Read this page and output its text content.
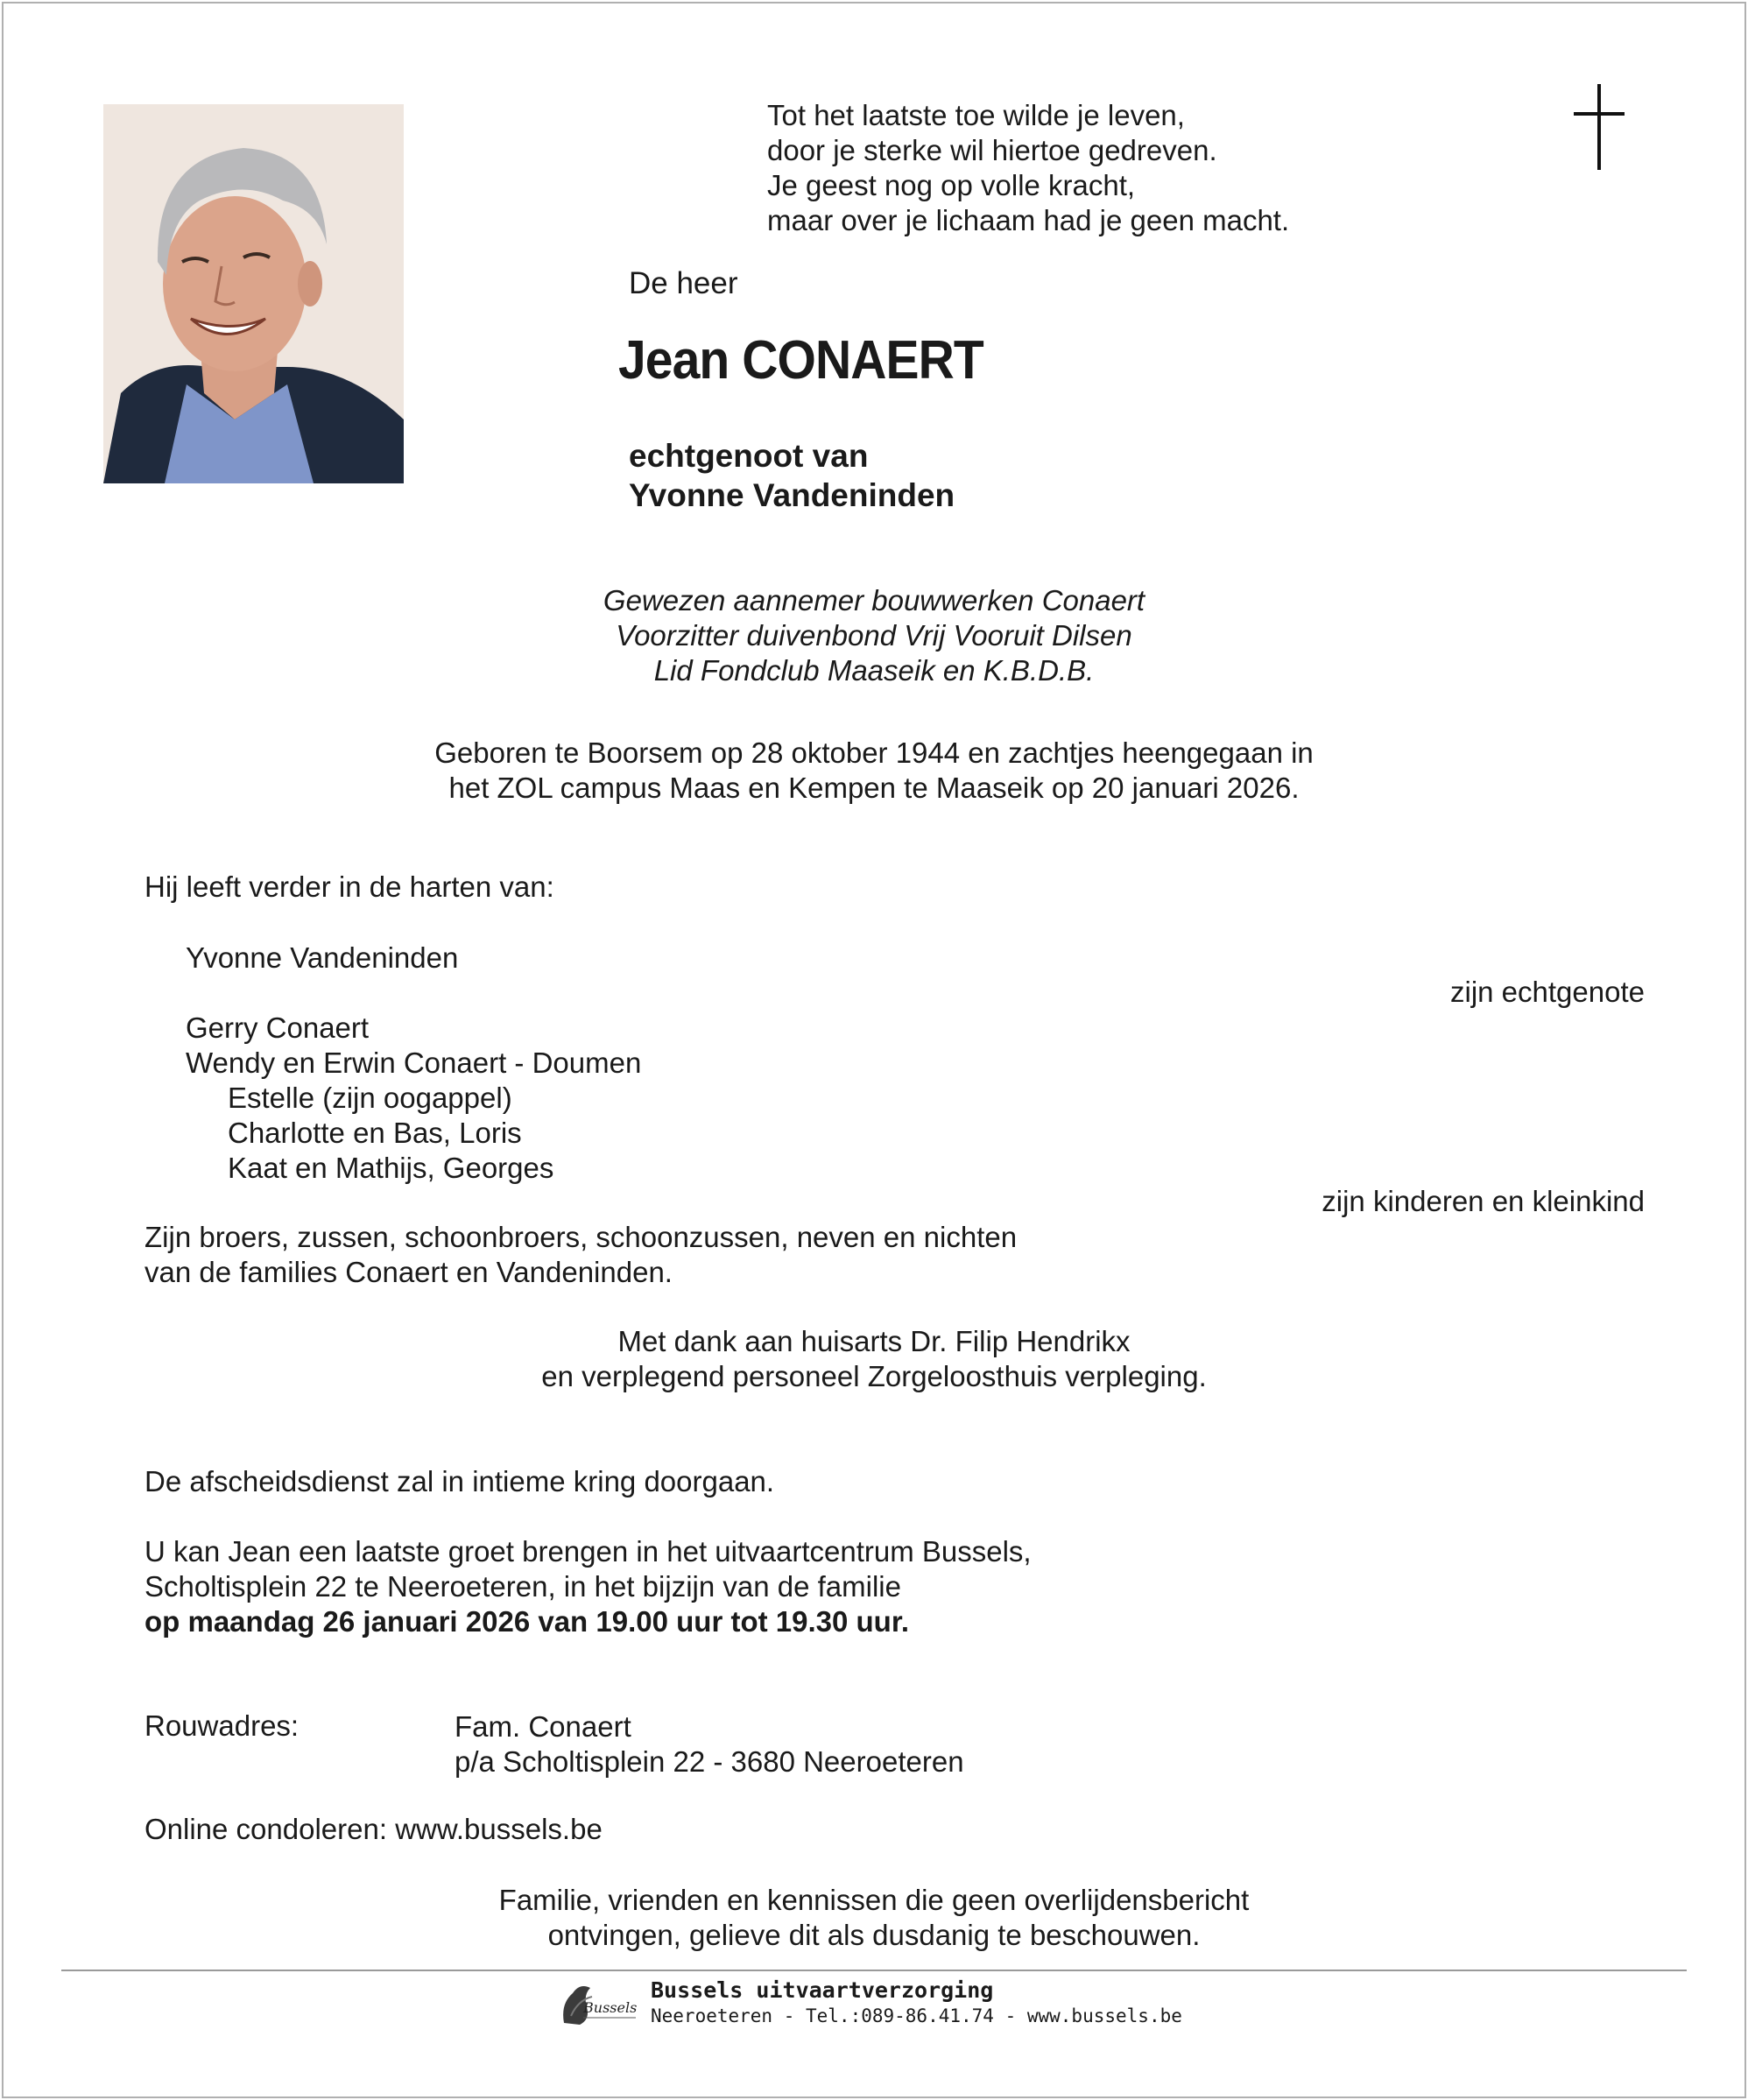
Tot het laatste toe wilde je leven,
door je sterke wil hiertoe gedreven.
Je geest nog op volle kracht,
maar over je lichaam had je geen macht.
De heer
Jean CONAERT
echtgenoot van
Yvonne Vandeninden
Gewezen aannemer bouwwerken Conaert
Voorzitter duivenbond Vrij Vooruit Dilsen
Lid Fondclub Maaseik en K.B.D.B.
Geboren te Boorsem op 28 oktober 1944 en zachtjes heengegaan in
het ZOL campus Maas en Kempen te Maaseik op 20 januari 2026.
Hij leeft verder in de harten van:
Yvonne Vandeninden
zijn echtgenote
Gerry Conaert
Wendy en Erwin Conaert - Doumen
Estelle (zijn oogappel)
Charlotte en Bas, Loris
Kaat en Mathijs, Georges
zijn kinderen en kleinkind
Zijn broers, zussen, schoonbroers, schoonzussen, neven en nichten
van de families Conaert en Vandeninden.
Met dank aan huisarts Dr. Filip Hendrikx
en verplegend personeel Zorgeloosthuis verpleging.
De afscheidsdienst zal in intieme kring doorgaan.
U kan Jean een laatste groet brengen in het uitvaartcentrum Bussels,
Scholtisplein 22 te Neeroeteren, in het bijzijn van de familie
op maandag 26 januari 2026 van 19.00 uur tot 19.30 uur.
Rouwadres:	Fam. Conaert
p/a Scholtisplein 22 - 3680 Neeroeteren
Online condoleren: www.bussels.be
Familie, vrienden en kennissen die geen overlijdensbericht
ontvingen, gelieve dit als dusdanig te beschouwen.
Bussels
Bussels uitvaartverzorging
Neeroeteren - Tel.:089-86.41.74 - www.bussels.be
